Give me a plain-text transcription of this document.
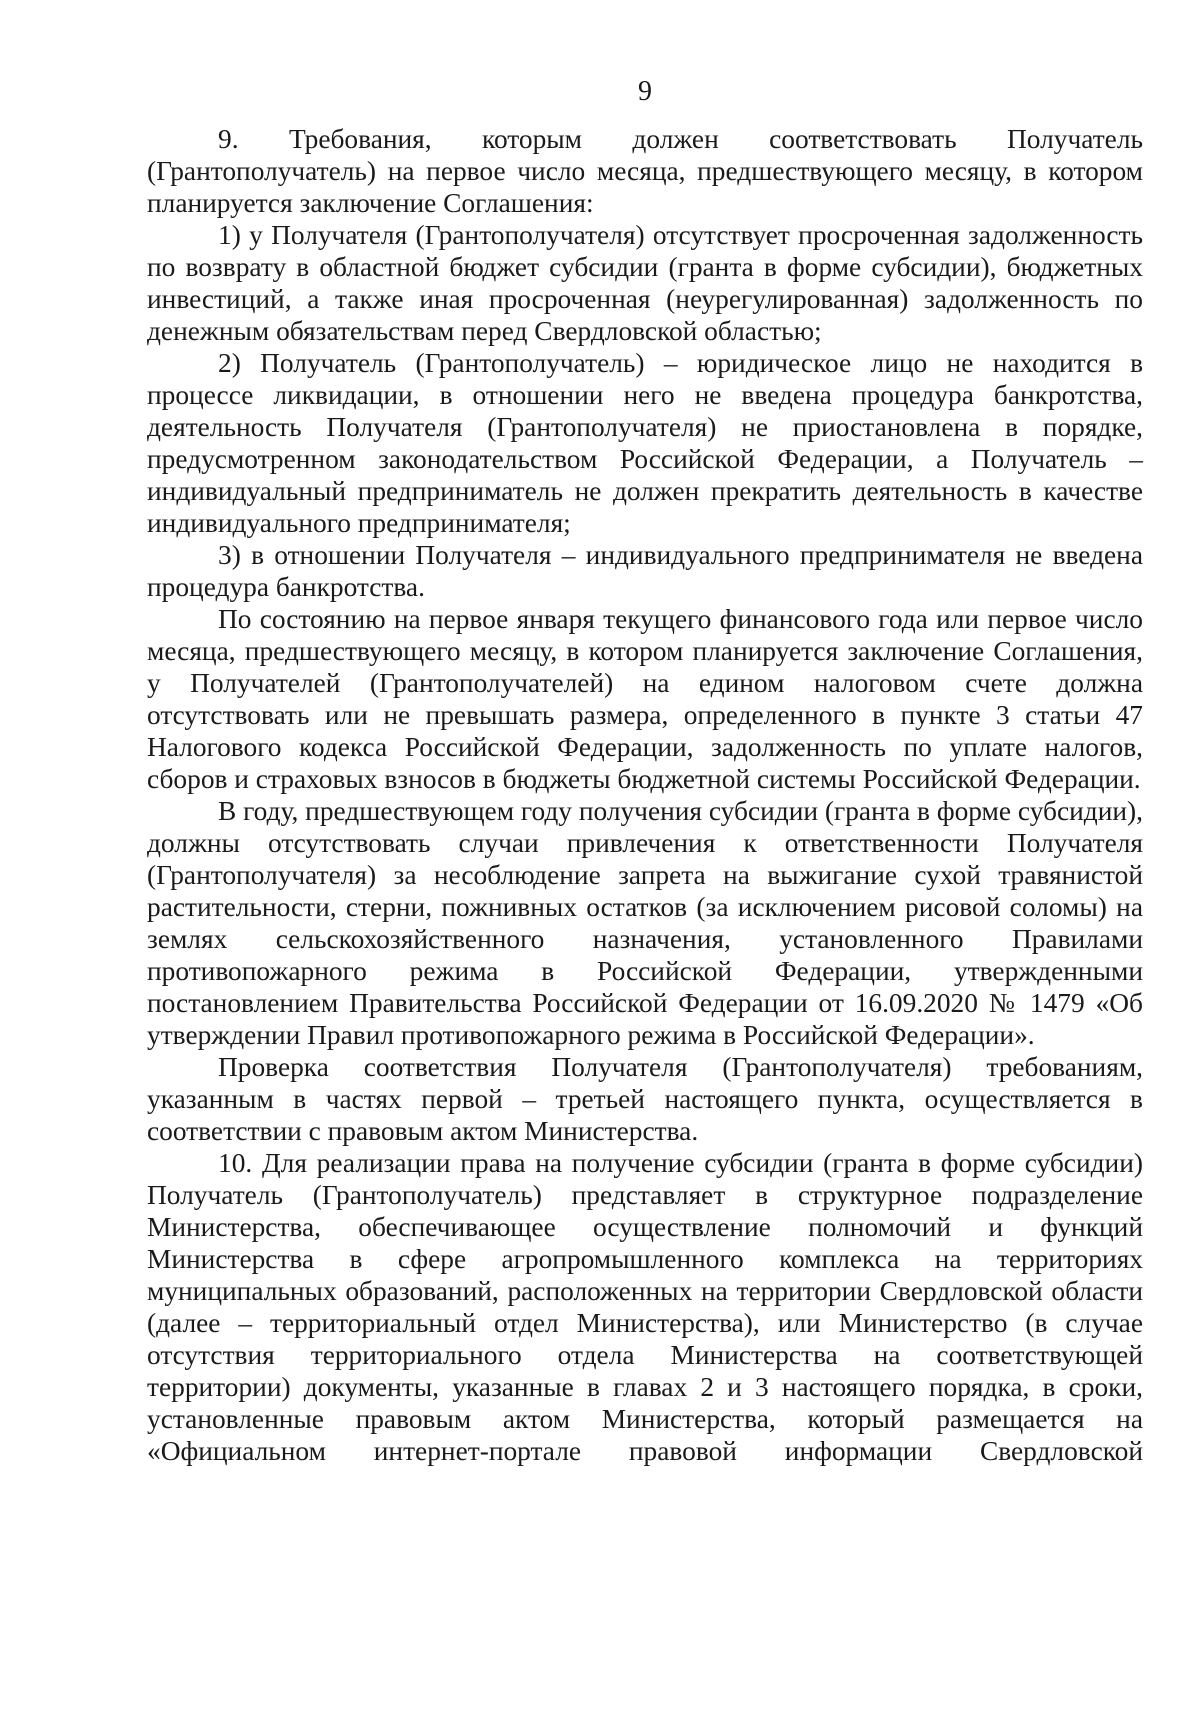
9

9. Требования, которым должен соответствовать Получатель (Грантополучатель) на первое число месяца, предшествующего месяцу, в котором планируется заключение Соглашения:

1) у Получателя (Грантополучателя) отсутствует просроченная задолженность по возврату в областной бюджет субсидии (гранта в форме субсидии), бюджетных инвестиций, а также иная просроченная (неурегулированная) задолженность по денежным обязательствам перед Свердловской областью;

2) Получатель (Грантополучатель) – юридическое лицо не находится в процессе ликвидации, в отношении него не введена процедура банкротства, деятельность Получателя (Грантополучателя) не приостановлена в порядке, предусмотренном законодательством Российской Федерации, а Получатель – индивидуальный предприниматель не должен прекратить деятельность в качестве индивидуального предпринимателя;

3) в отношении Получателя – индивидуального предпринимателя не введена процедура банкротства.

По состоянию на первое января текущего финансового года или первое число месяца, предшествующего месяцу, в котором планируется заключение Соглашения, у Получателей (Грантополучателей) на едином налоговом счете должна отсутствовать или не превышать размера, определенного в пункте 3 статьи 47 Налогового кодекса Российской Федерации, задолженность по уплате налогов, сборов и страховых взносов в бюджеты бюджетной системы Российской Федерации.

В году, предшествующем году получения субсидии (гранта в форме субсидии), должны отсутствовать случаи привлечения к ответственности Получателя (Грантополучателя) за несоблюдение запрета на выжигание сухой травянистой растительности, стерни, пожнивных остатков (за исключением рисовой соломы) на землях сельскохозяйственного назначения, установленного Правилами противопожарного режима в Российской Федерации, утвержденными постановлением Правительства Российской Федерации от 16.09.2020 № 1479 «Об утверждении Правил противопожарного режима в Российской Федерации».

Проверка соответствия Получателя (Грантополучателя) требованиям, указанным в частях первой – третьей настоящего пункта, осуществляется в соответствии с правовым актом Министерства.

10. Для реализации права на получение субсидии (гранта в форме субсидии) Получатель (Грантополучатель) представляет в структурное подразделение Министерства, обеспечивающее осуществление полномочий и функций Министерства в сфере агропромышленного комплекса на территориях муниципальных образований, расположенных на территории Свердловской области (далее – территориальный отдел Министерства), или Министерство (в случае отсутствия территориального отдела Министерства на соответствующей территории) документы, указанные в главах 2 и 3 настоящего порядка, в сроки, установленные правовым актом Министерства, который размещается на «Официальном интернет-портале правовой информации Свердловской
